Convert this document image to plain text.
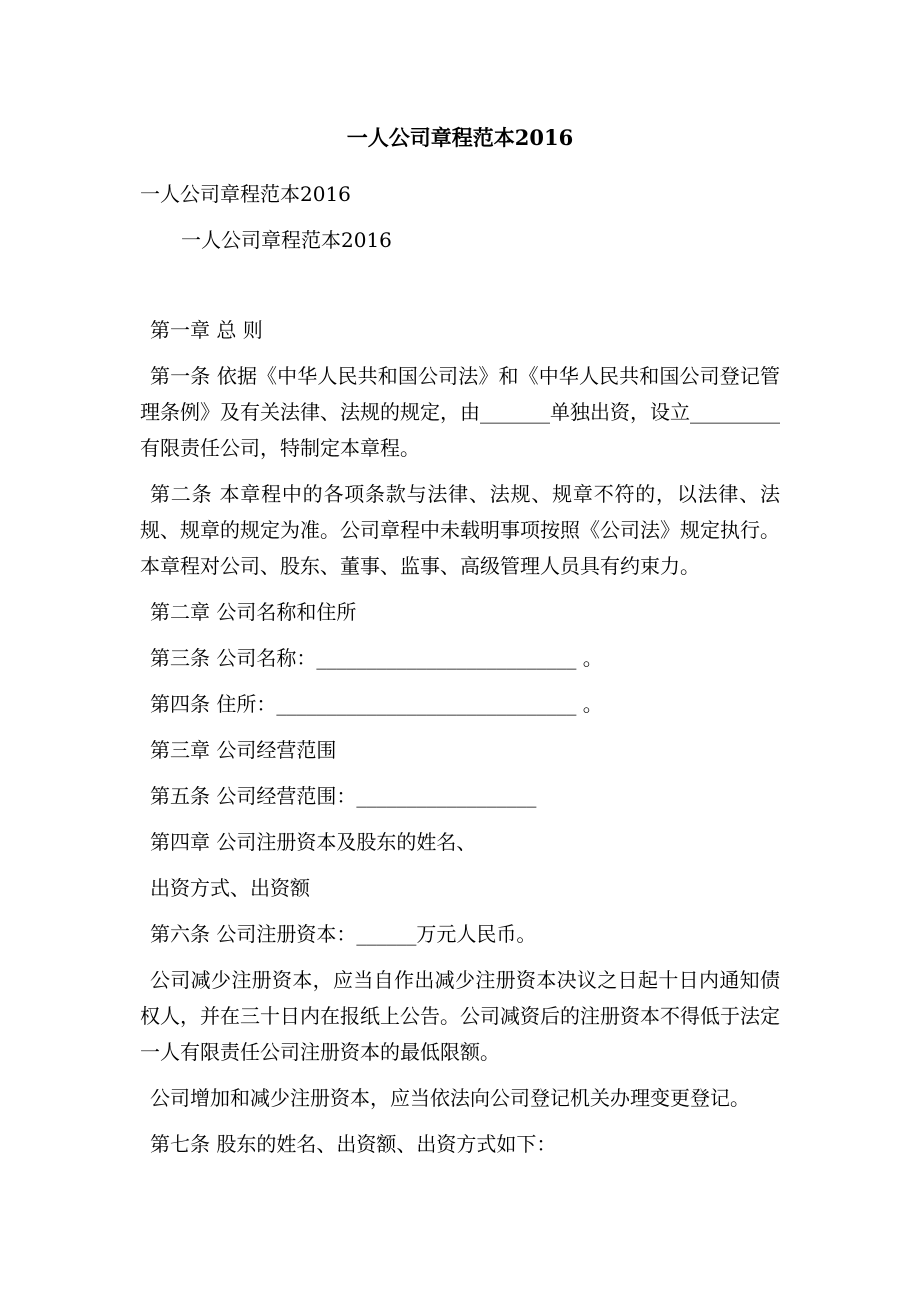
一人公司章程范本2016
一人公司章程范本2016
一人公司章程范本2016

第一章 总 则

第一条 依据《中华人民共和国公司法》和《中华人民共和国公司登记管理条例》及有关法律、法规的规定，由_______单独出资，设立_________有限责任公司，特制定本章程。

第二条 本章程中的各项条款与法律、法规、规章不符的，以法律、法规、规章的规定为准。公司章程中未载明事项按照《公司法》规定执行。本章程对公司、股东、董事、监事、高级管理人员具有约束力。

第二章 公司名称和住所

第三条 公司名称：__________________________ 。

第四条 住所：______________________________ 。

第三章 公司经营范围

第五条 公司经营范围：__________________

第四章 公司注册资本及股东的姓名、

出资方式、出资额

第六条 公司注册资本：______万元人民币。

公司减少注册资本，应当自作出减少注册资本决议之日起十日内通知债权人，并在三十日内在报纸上公告。公司减资后的注册资本不得低于法定一人有限责任公司注册资本的最低限额。

公司增加和减少注册资本，应当依法向公司登记机关办理变更登记。

第七条 股东的姓名、出资额、出资方式如下：
